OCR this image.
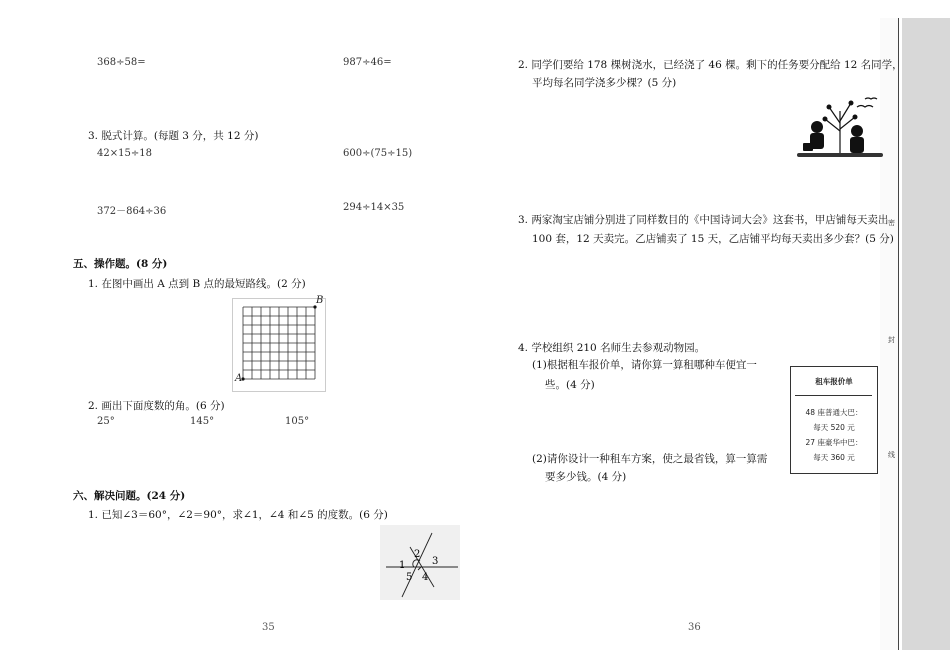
密
封
线
368÷58=	987÷46=
3. 脱式计算。(每题 3 分，共 12 分)
42×15÷18	600÷(75÷15)
372－864÷36	294÷14×35
五、操作题。(8 分)
1. 在图中画出 A 点到 B 点的最短路线。(2 分)
B
A
2. 画出下面度数的角。(6 分)
25°	145°	105°
六、解决问题。(24 分)
1. 已知∠3＝60°，∠2＝90°，求∠1，∠4 和∠5 的度数。(6 分)
2
1	3
5 4
35
2. 同学们要给 178 棵树浇水，已经浇了 46 棵。剩下的任务要分配给 12 名同学，
平均每名同学浇多少棵？(5 分)
3. 两家淘宝店铺分别进了同样数目的《中国诗词大会》这套书，甲店铺每天卖出
100 套，12 天卖完。乙店铺卖了 15 天，乙店铺平均每天卖出多少套？(5 分)
4. 学校组织 210 名师生去参观动物园。
(1)根据租车报价单，请你算一算租哪种车便宜一
些。(4 分)
(2)请你设计一种租车方案，使之最省钱，算一算需
要多少钱。(4 分)
租车报价单
48 座普通大巴：
每天 520 元
27 座豪华中巴：
每天 360 元
36
